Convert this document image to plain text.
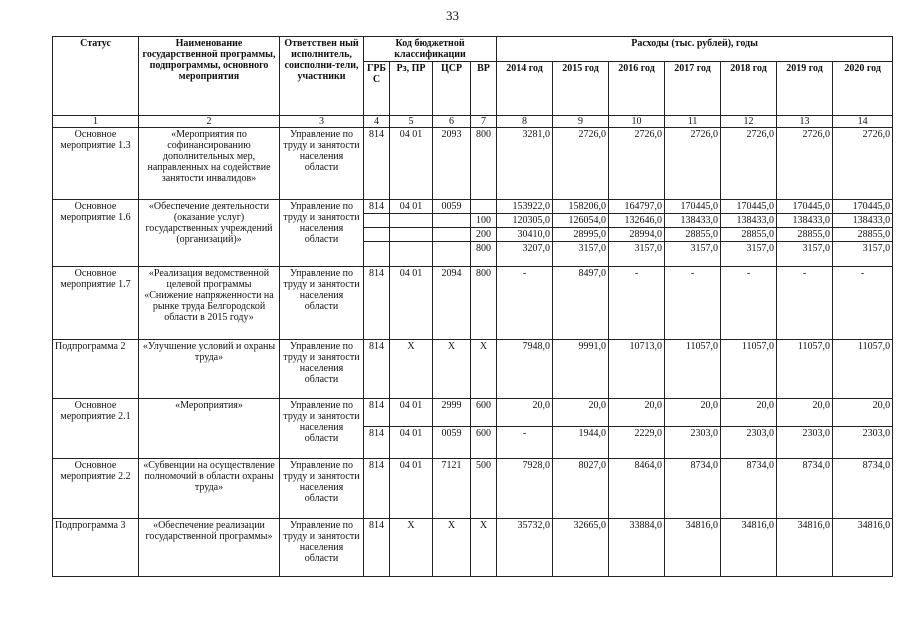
33
Статус	Наименование государственной программы, подпрограммы, основного мероприятия	Ответствен ный исполнитель, соисполни-тели, участники	Код бюджетной классификации				Расходы (тыс. рублей), годы						
			ГРБ С	Рз, ПР	ЦСР	ВР	2014 год	2015 год	2016 год	2017 год	2018 год	2019 год	2020 год
1	2	3	4	5	6	7	8	9	10	11	12	13	14
Основное мероприятие 1.3	«Мероприятия по софинансированию дополнительных мер, направленных на содействие занятости инвалидов»	Управление по труду и занятости населения области	814	04 01	2093	800	3281,0	2726,0	2726,0	2726,0	2726,0	2726,0	2726,0
Основное мероприятие 1.6	«Обеспечение деятельности (оказание услуг) государственных учреждений (организаций)»	Управление по труду и занятости населения области	814	04 01	0059		153922,0	158206,0	164797,0	170445,0	170445,0	170445,0	170445,0
						100	120305,0	126054,0	132646,0	138433,0	138433,0	138433,0	138433,0
						200	30410,0	28995,0	28994,0	28855,0	28855,0	28855,0	28855,0
						800	3207,0	3157,0	3157,0	3157,0	3157,0	3157,0	3157,0
Основное мероприятие 1.7	«Реализация ведомственной целевой программы «Снижение напряженности на рынке труда Белгородской области в 2015 году»	Управление по труду и занятости населения области	814	04 01	2094	800	-	8497,0	-	-	-	-	-
Подпрограмма 2	«Улучшение условий и охраны труда»	Управление по труду и занятости населения области	814	Х	Х	Х	7948,0	9991,0	10713,0	11057,0	11057,0	11057,0	11057,0
Основное мероприятие 2.1	«Мероприятия»	Управление по труду и занятости населения области	814	04 01	2999	600	20,0	20,0	20,0	20,0	20,0	20,0	20,0
			814	04 01	0059	600	-	1944,0	2229,0	2303,0	2303,0	2303,0	2303,0
Основное мероприятие 2.2	«Субвенции на осуществление полномочий в области охраны труда»	Управление по труду и занятости населения области	814	04 01	7121	500	7928,0	8027,0	8464,0	8734,0	8734,0	8734,0	8734,0
Подпрограмма 3	«Обеспечение реализации государственной программы»	Управление по труду и занятости населения области	814	Х	Х	Х	35732,0	32665,0	33884,0	34816,0	34816,0	34816,0	34816,0
